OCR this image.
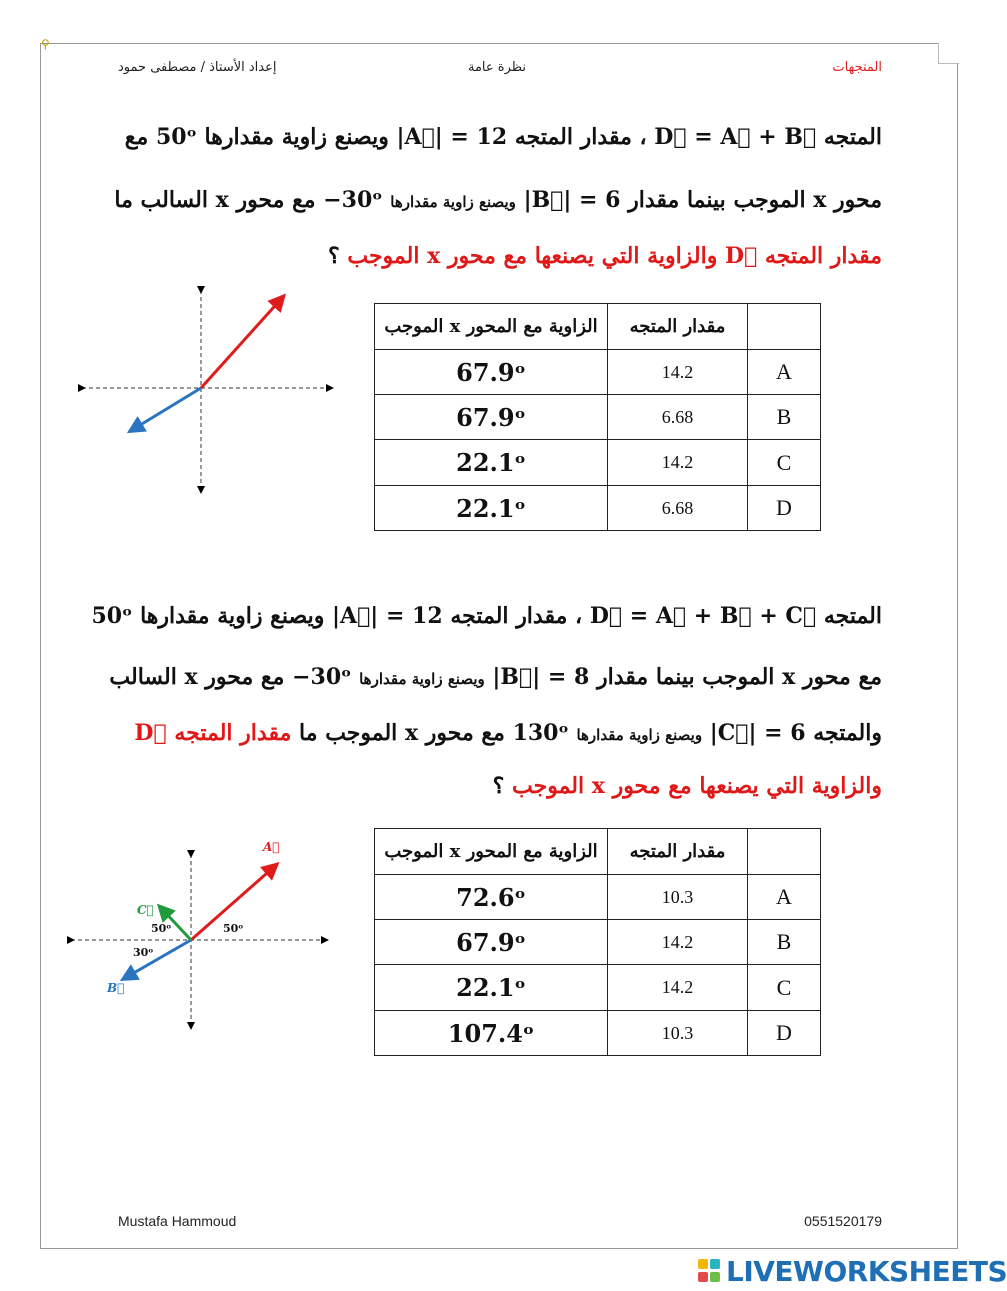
⚲
إعداد الأستاذ / مصطفى حمود	نظرة عامة	المتجهات
المتجه D⃗ = A⃗ + B⃗ ، مقدار المتجه |A⃗| = 12 ويصنع زاوية مقدارها 50ᵒ مع
محور x الموجب بينما مقدار |B⃗| = 6 ويصنع زاوية مقدارها −30ᵒ مع محور x السالب ما
مقدار المتجه D⃗ والزاوية التي يصنعها مع محور x الموجب ؟
الزاوية مع المحور x الموجب	مقدار المتجه	
67.9ᵒ	14.2	A
67.9ᵒ	6.68	B
22.1ᵒ	14.2	C
22.1ᵒ	6.68	D
المتجه D⃗ = A⃗ + B⃗ + C⃗ ، مقدار المتجه |A⃗| = 12 ويصنع زاوية مقدارها 50ᵒ
مع محور x الموجب بينما مقدار |B⃗| = 8 ويصنع زاوية مقدارها −30ᵒ مع محور x السالب
والمتجه |C⃗| = 6 ويصنع زاوية مقدارها 130ᵒ مع محور x الموجب ما مقدار المتجه D⃗
والزاوية التي يصنعها مع محور x الموجب ؟
A⃗
C⃗
B⃗
50ᵒ	50ᵒ
30ᵒ
الزاوية مع المحور x الموجب	مقدار المتجه	
72.6ᵒ	10.3	A
67.9ᵒ	14.2	B
22.1ᵒ	14.2	C
107.4ᵒ	10.3	D
Mustafa Hammoud	0551520179
LIVEWORKSHEETS
